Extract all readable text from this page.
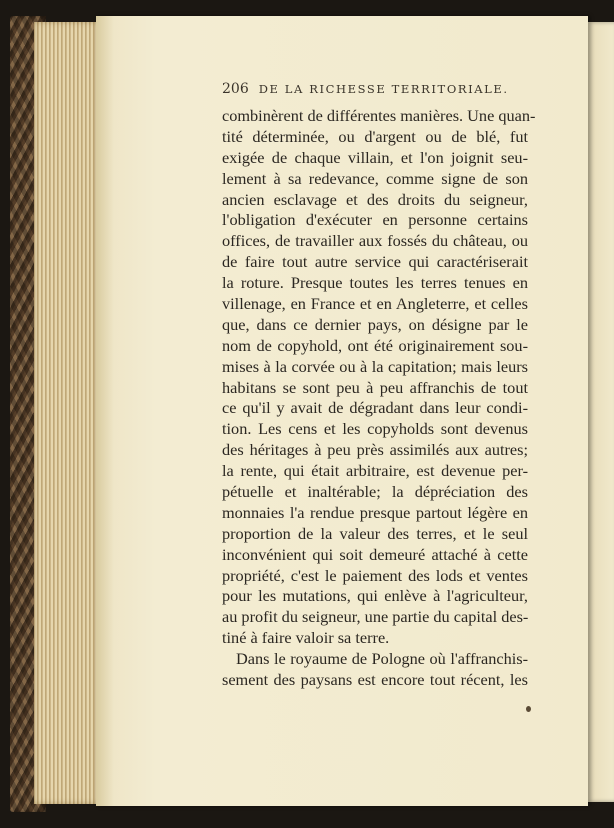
206 DE LA RICHESSE TERRITORIALE.
combinèrent de différentes manières. Une quan-
tité déterminée, ou d'argent ou de blé, fut
exigée de chaque villain, et l'on joignit seu-
lement à sa redevance, comme signe de son
ancien esclavage et des droits du seigneur,
l'obligation d'exécuter en personne certains
offices, de travailler aux fossés du château, ou
de faire tout autre service qui caractériserait
la roture. Presque toutes les terres tenues en
villenage, en France et en Angleterre, et celles
que, dans ce dernier pays, on désigne par le
nom de copyhold, ont été originairement sou-
mises à la corvée ou à la capitation; mais leurs
habitans se sont peu à peu affranchis de tout
ce qu'il y avait de dégradant dans leur condi-
tion. Les cens et les copyholds sont devenus
des héritages à peu près assimilés aux autres;
la rente, qui était arbitraire, est devenue per-
pétuelle et inaltérable; la dépréciation des
monnaies l'a rendue presque partout légère en
proportion de la valeur des terres, et le seul
inconvénient qui soit demeuré attaché à cette
propriété, c'est le paiement des lods et ventes
pour les mutations, qui enlève à l'agriculteur,
au profit du seigneur, une partie du capital des-
tiné à faire valoir sa terre.
Dans le royaume de Pologne où l'affranchis-
sement des paysans est encore tout récent, les
